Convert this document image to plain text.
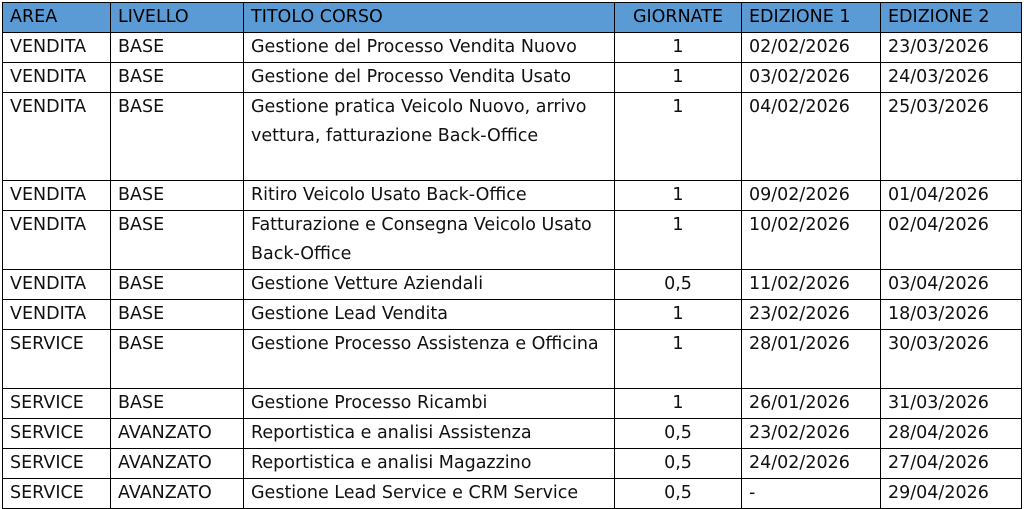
AREA	LIVELLO	TITOLO CORSO	GIORNATE	EDIZIONE 1	EDIZIONE 2
VENDITA	BASE	Gestione del Processo Vendita Nuovo	1	02/02/2026	23/03/2026
VENDITA	BASE	Gestione del Processo Vendita Usato	1	03/02/2026	24/03/2026
VENDITA	BASE	Gestione pratica Veicolo Nuovo, arrivo vettura, fatturazione Back-Office	1	04/02/2026	25/03/2026
VENDITA	BASE	Ritiro Veicolo Usato Back-Office	1	09/02/2026	01/04/2026
VENDITA	BASE	Fatturazione e Consegna Veicolo Usato Back-Office	1	10/02/2026	02/04/2026
VENDITA	BASE	Gestione Vetture Aziendali	0,5	11/02/2026	03/04/2026
VENDITA	BASE	Gestione Lead Vendita	1	23/02/2026	18/03/2026
SERVICE	BASE	Gestione Processo Assistenza e Officina	1	28/01/2026	30/03/2026
SERVICE	BASE	Gestione Processo Ricambi	1	26/01/2026	31/03/2026
SERVICE	AVANZATO	Reportistica e analisi Assistenza	0,5	23/02/2026	28/04/2026
SERVICE	AVANZATO	Reportistica e analisi Magazzino	0,5	24/02/2026	27/04/2026
SERVICE	AVANZATO	Gestione Lead Service e CRM Service	0,5	-	29/04/2026
